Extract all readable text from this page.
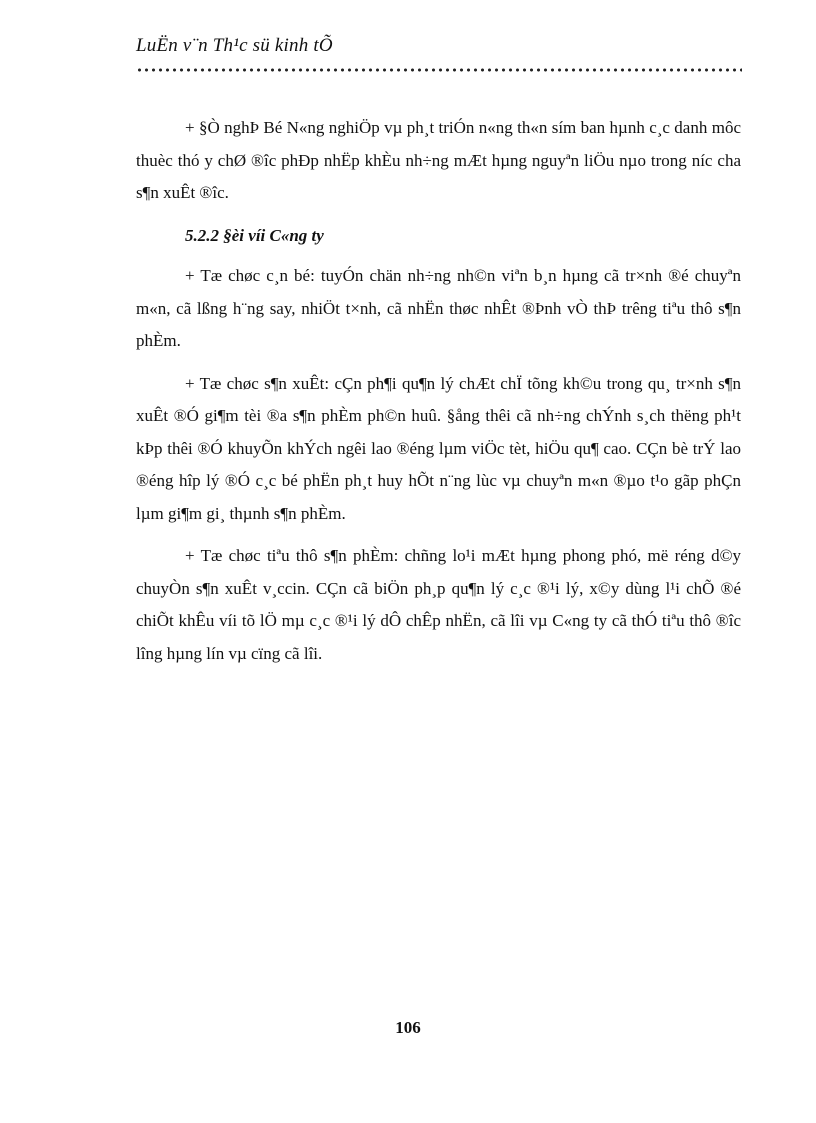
LuËn v¨n Th¹c sü kinh tÕ

+ §Ò nghÞ Bé N«ng nghiÖp vµ ph¸t triÓn n«ng th«n sím ban hµnh c¸c danh môc thuèc thó y chØ ®îc phÐp nhËp khÈu nh÷ng mÆt hµng nguyªn liÖu nµo trong níc cha s¶n xuÊt ®îc.

5.2.2 §èi víi C«ng ty

+ Tæ chøc c¸n bé: tuyÓn chän nh÷ng nh©n viªn b¸n hµng cã tr×nh ®é chuyªn m«n, cã lßng h¨ng say, nhiÖt t×nh, cã nhËn thøc nhÊt ®Þnh vÒ thÞ trêng tiªu thô s¶n phÈm.

+ Tæ chøc s¶n xuÊt: cÇn ph¶i qu¶n lý chÆt chÏ tõng kh©u trong qu¸ tr×nh s¶n xuÊt ®Ó gi¶m tèi ®a s¶n phÈm ph©n huû. §ång thêi cã nh÷ng chÝnh s¸ch thëng ph¹t kÞp thêi ®Ó khuyÕn khÝch ngêi lao ®éng lµm viÖc tèt, hiÖu qu¶ cao. CÇn bè trÝ lao ®éng hîp lý ®Ó c¸c bé phËn ph¸t huy hÕt n¨ng lùc vµ chuyªn m«n ®µo t¹o gãp phÇn lµm gi¶m gi¸ thµnh s¶n phÈm.

+ Tæ chøc tiªu thô s¶n phÈm: chñng lo¹i mÆt hµng phong phó, më réng d©y chuyÒn s¶n xuÊt v¸ccin. CÇn cã biÖn ph¸p qu¶n lý c¸c ®¹i lý, x©y dùng l¹i chÕ ®é chiÕt khÊu víi tõ lÖ mµ c¸c ®¹i lý dÔ chÊp nhËn, cã lîi vµ C«ng ty cã thÓ tiªu thô ®îc lîng hµng lín vµ cïng cã lîi.

106
